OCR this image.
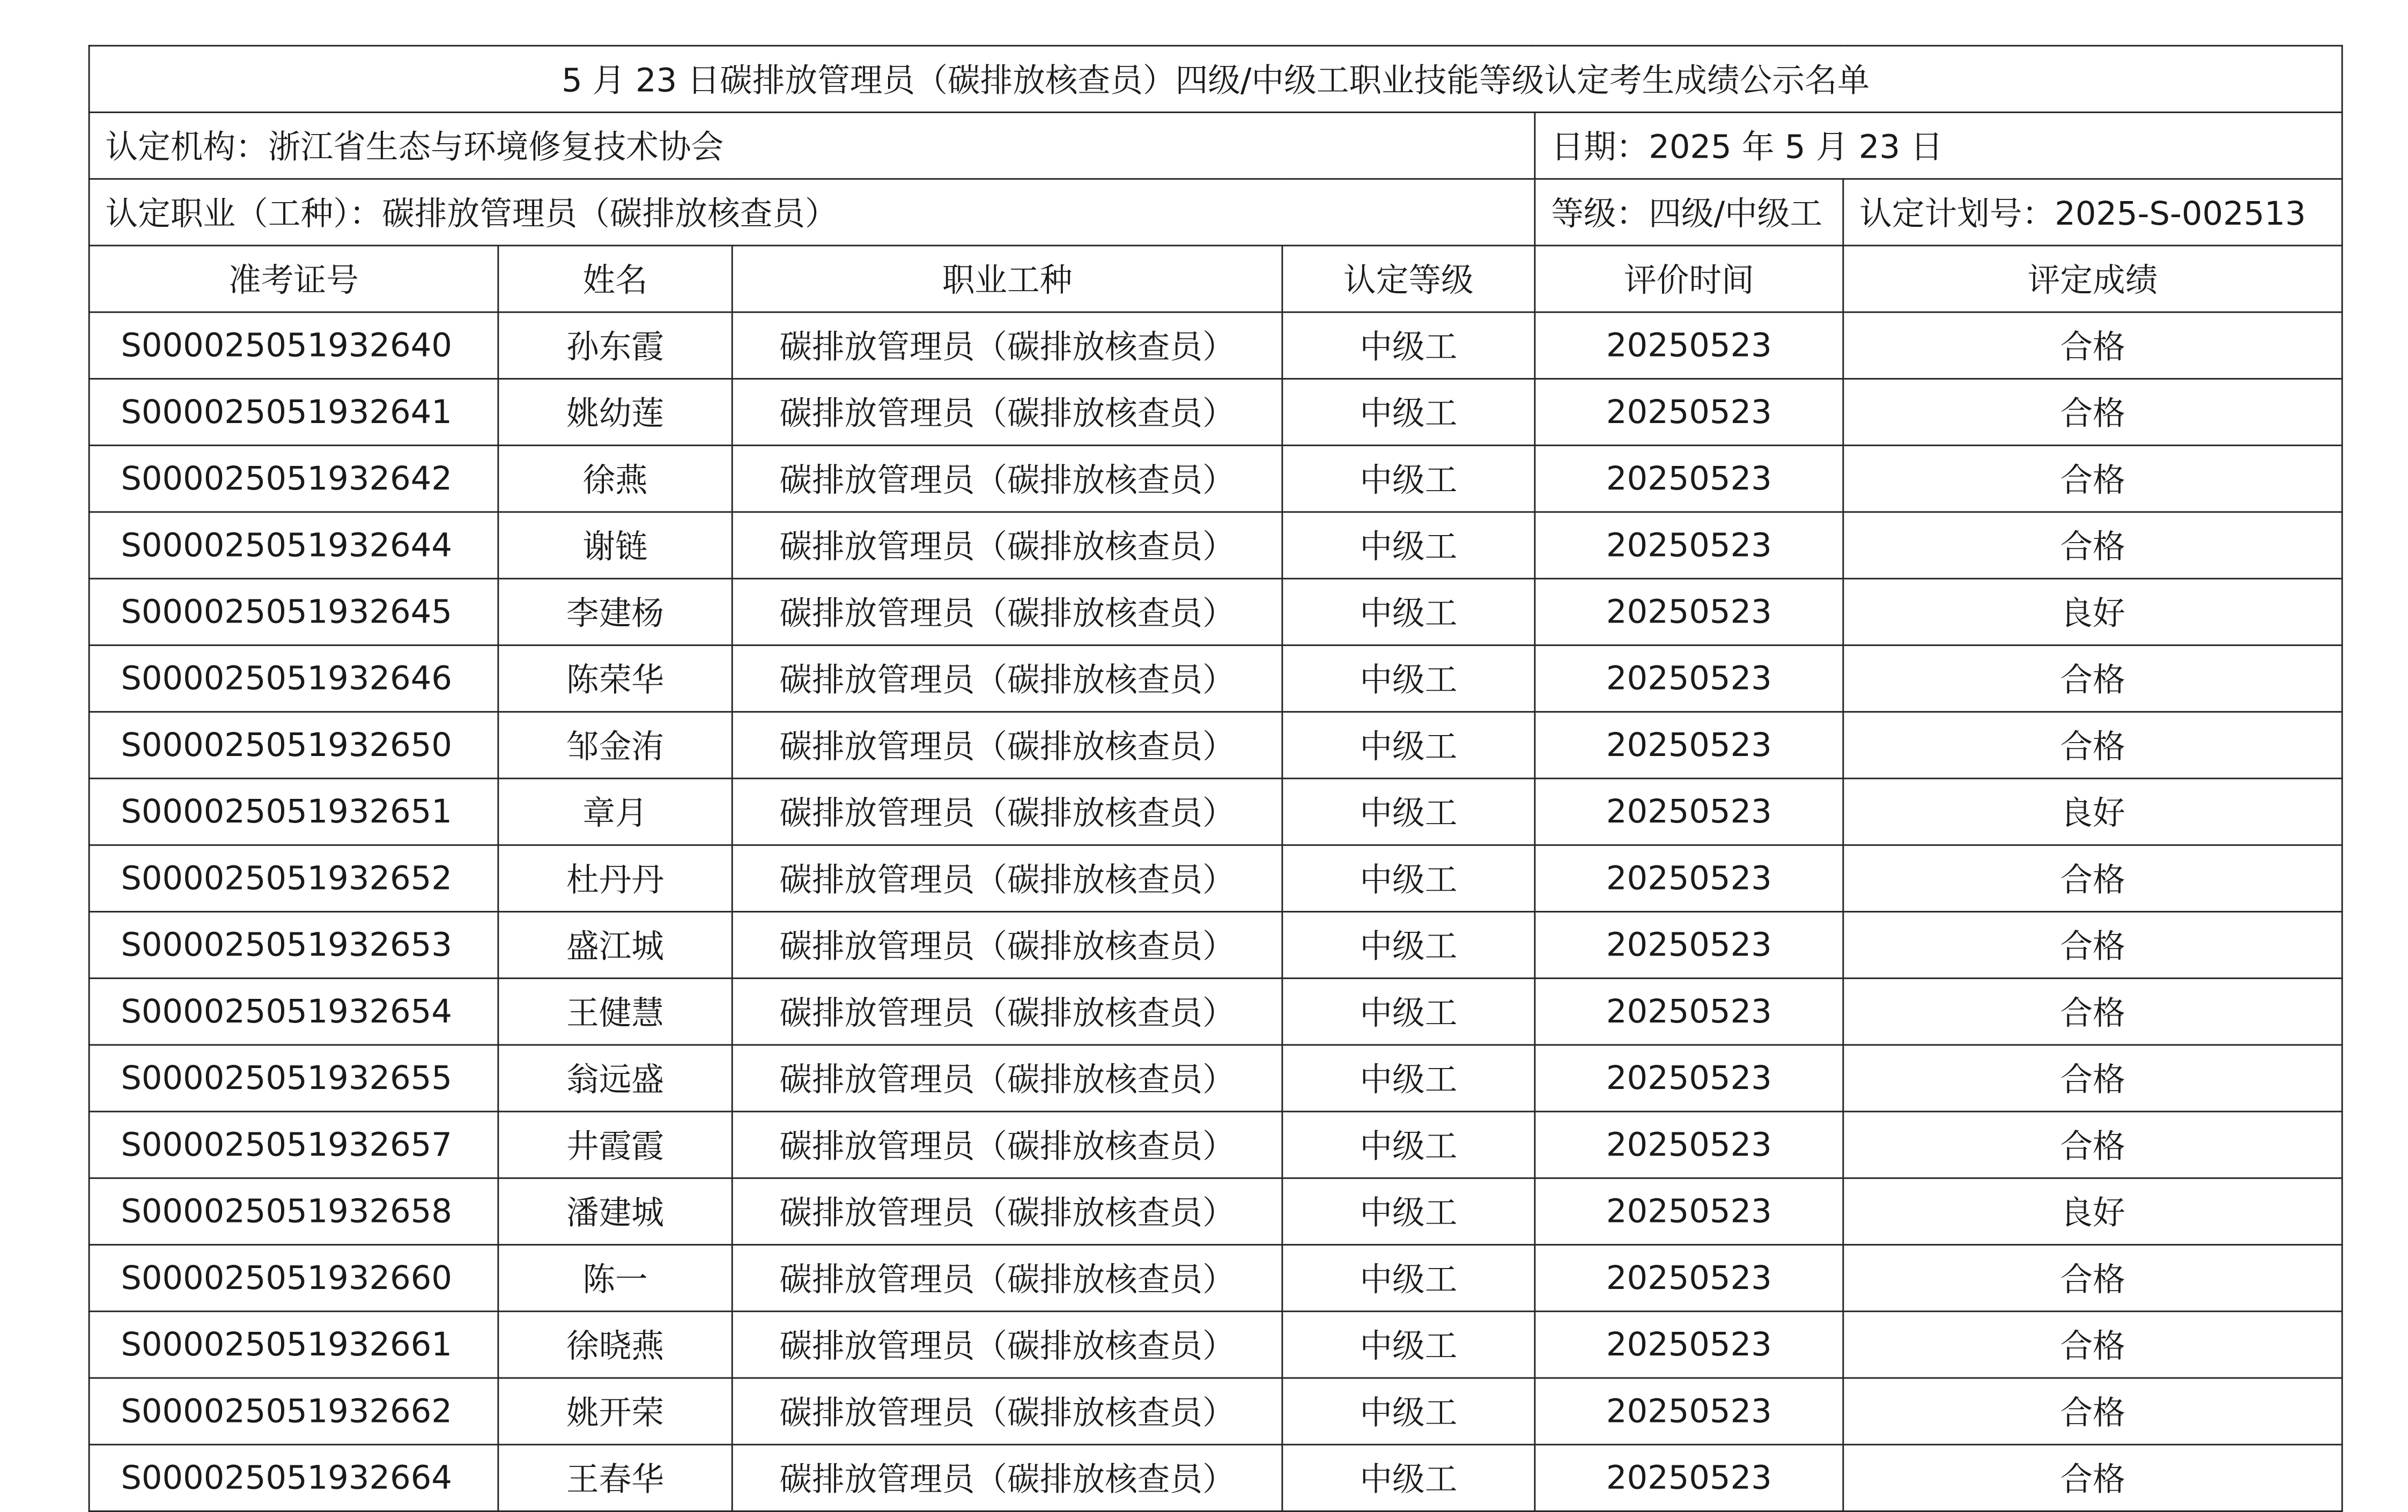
5 月 23 日碳排放管理员（碳排放核查员）四级/中级工职业技能等级认定考生成绩公示名单					
认定机构：浙江省生态与环境修复技术协会				日期：2025 年 5 月 23 日	
认定职业（工种）：碳排放管理员（碳排放核查员）				等级：四级/中级工	认定计划号：2025-S-002513
准考证号	姓名	职业工种	认定等级	评价时间	评定成绩
S000025051932640	孙东霞	碳排放管理员（碳排放核查员）	中级工	20250523	合格
S000025051932641	姚幼莲	碳排放管理员（碳排放核查员）	中级工	20250523	合格
S000025051932642	徐燕	碳排放管理员（碳排放核查员）	中级工	20250523	合格
S000025051932644	谢链	碳排放管理员（碳排放核查员）	中级工	20250523	合格
S000025051932645	李建杨	碳排放管理员（碳排放核查员）	中级工	20250523	良好
S000025051932646	陈荣华	碳排放管理员（碳排放核查员）	中级工	20250523	合格
S000025051932650	邹金洧	碳排放管理员（碳排放核查员）	中级工	20250523	合格
S000025051932651	章月	碳排放管理员（碳排放核查员）	中级工	20250523	良好
S000025051932652	杜丹丹	碳排放管理员（碳排放核查员）	中级工	20250523	合格
S000025051932653	盛江城	碳排放管理员（碳排放核查员）	中级工	20250523	合格
S000025051932654	王健慧	碳排放管理员（碳排放核查员）	中级工	20250523	合格
S000025051932655	翁远盛	碳排放管理员（碳排放核查员）	中级工	20250523	合格
S000025051932657	井霞霞	碳排放管理员（碳排放核查员）	中级工	20250523	合格
S000025051932658	潘建城	碳排放管理员（碳排放核查员）	中级工	20250523	良好
S000025051932660	陈一	碳排放管理员（碳排放核查员）	中级工	20250523	合格
S000025051932661	徐晓燕	碳排放管理员（碳排放核查员）	中级工	20250523	合格
S000025051932662	姚开荣	碳排放管理员（碳排放核查员）	中级工	20250523	合格
S000025051932664	王春华	碳排放管理员（碳排放核查员）	中级工	20250523	合格
